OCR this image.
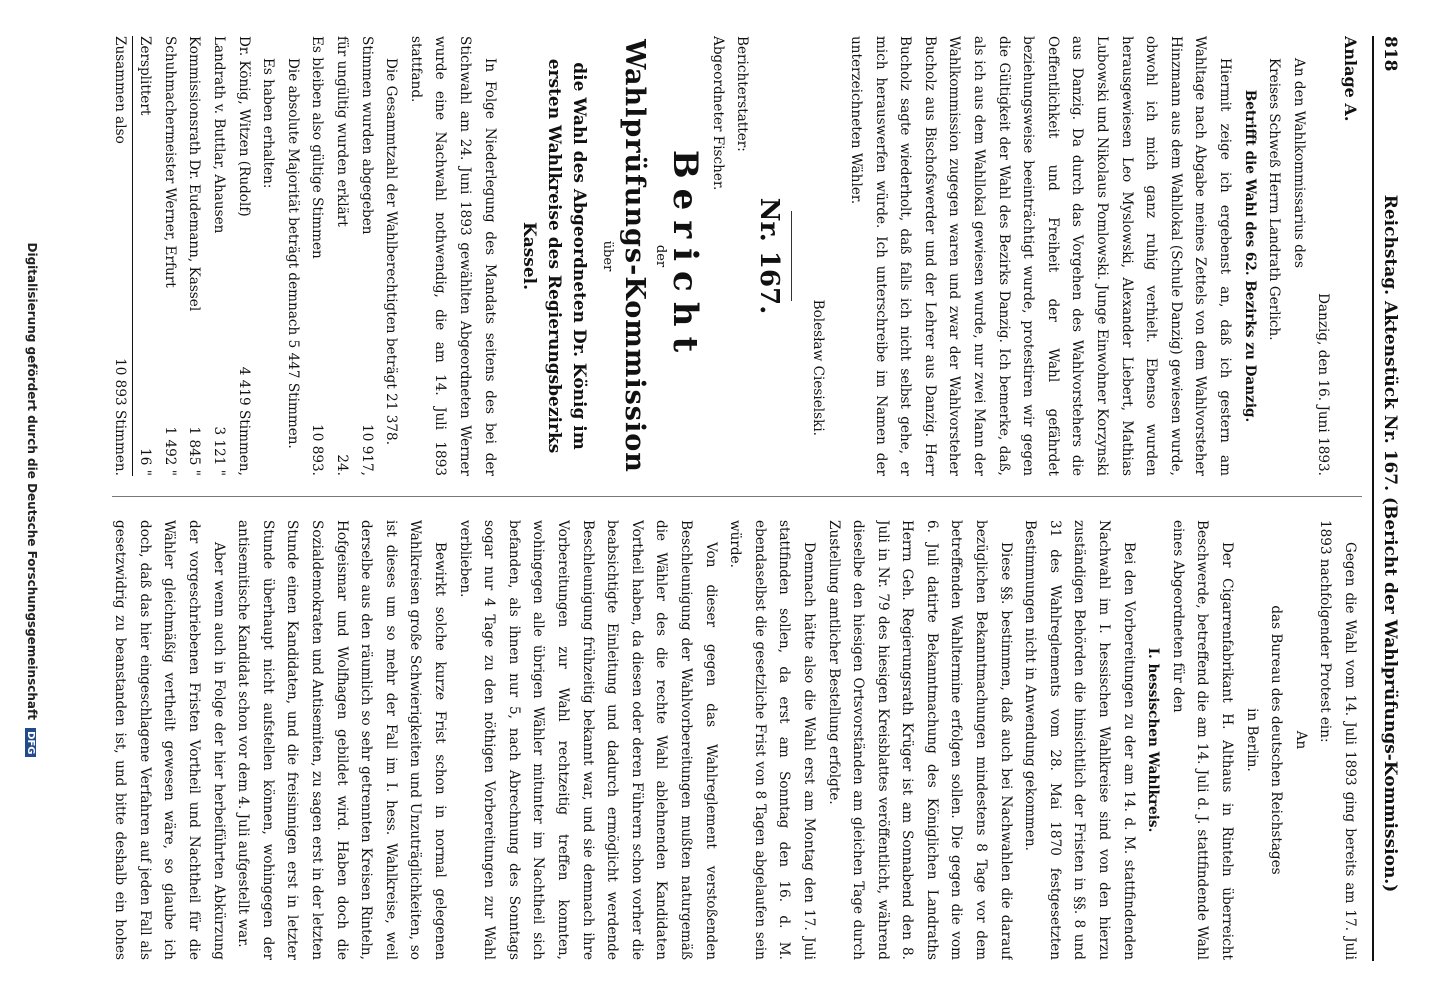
818
Reichstag. Aktenstück Nr. 167. (Bericht der Wahlprüfungs-Kommission.)

Anlage A.

Danzig, den 16. Juni 1893.

An den Wahlkommissarius des

Kreises Schweß Herrn Landrath Gerlich.

Betrifft die Wahl des 62. Bezirks zu Danzig.

Hiermit zeige ich ergebenst an, daß ich gestern am Wahltage nach Abgabe meines Zettels von dem Wahlvorsteher Hinzmann aus dem Wahllokal (Schule Danzig) gewiesen wurde, obwohl ich mich ganz ruhig verhielt. Ebenso wurden herausgewiesen Leo Myslowski, Alexander Liebert, Mathias Lubowski und Nikolaus Pomlowski. Junge Einwohner Korzynski aus Danzig. Da durch das Vorgehen des Wahlvorstehers die Oeffentlichkeit und Freiheit der Wahl gefährdet beziehungsweise beeinträchtigt wurde, protestiren wir gegen die Gültigkeit der Wahl des Bezirks Danzig. Ich bemerke, daß, als ich aus dem Wahllokal gewiesen wurde, nur zwei Mann der Wahlkommission zugegen waren und zwar der Wahlvorsteher Bucholz aus Bischofswerder und der Lehrer aus Danzig. Herr Bucholz sagte wiederholt, daß falls ich nicht selbst gehe, er mich herauswerfen würde. Ich unterschreibe im Namen der unterzeichneten Wähler.

Bolesław Ciesielski.

Nr. 167.

Berichterstatter:

Abgeordneter Fischer.

Bericht

der

Wahlprüfungs-Kommission

über

die Wahl des Abgeordneten Dr. König im ersten Wahlkreise des Regierungsbezirks Kassel.

In Folge Niederlegung des Mandats seitens des bei der Stichwahl am 24. Juni 1893 gewählten Abgeordneten Werner wurde eine Nachwahl nothwendig, die am 14. Juli 1893 stattfand.

Die Gesammtzahl der Wahlberechtigten beträgt 21 378.

Stimmen wurden abgegeben
10 917,
für ungültig wurden erklärt
24.
Es bleiben also gültige Stimmen
10 893.

Die absolute Majorität beträgt demnach 5 447 Stimmen.

Es haben erhalten:

Dr. König, Witzen (Rudolf)
4 419 Stimmen,
Landrath v. Buttlar, Ahausen
3 121 "
Kommissionsrath Dr. Eudemann, Kassel
1 845 "
Schuhmachermeister Werner, Erfurt
1 492 "
Zersplittert
16 "
Zusammen also
10 893 Stimmen.

Gegen die Wahl vom 14. Juli 1893 ging bereits am 17. Juli 1893 nachfolgender Protest ein:

An

das Bureau des deutschen Reichstages

in Berlin.

Der Cigarrenfabrikant H. Althaus in Rinteln überreicht Beschwerde, betreffend die am 14. Juli d. J. stattfindende Wahl eines Abgeordneten für den

I. hessischen Wahlkreis.

Bei den Vorbereitungen zu der am 14. d. M. stattfindenden Nachwahl im I. hessischen Wahlkreise sind von den hierzu zuständigen Behörden die hinsichtlich der Fristen in §§. 8 und 31 des Wahlreglements vom 28. Mai 1870 festgesetzten Bestimmungen nicht in Anwendung gekommen.

Diese §§. bestimmen, daß auch bei Nachwahlen die darauf bezüglichen Bekanntmachungen mindestens 8 Tage vor dem betreffenden Wahltermine erfolgen sollen. Die gegen die vom 6. Juli datirte Bekanntmachung des Königlichen Landraths Herrn Geh. Regierungsrath Krüger ist am Sonnabend den 8. Juli in Nr. 79 des hiesigen Kreisblattes veröffentlicht, während dieselbe den hiesigen Ortsvorständen am gleichen Tage durch Zustellung amtlicher Bestellung erfolgte.

Demnach hätte also die Wahl erst am Montag den 17. Juli stattfinden sollen, da erst am Sonntag den 16. d. M. ebendaselbst die gesetzliche Frist von 8 Tagen abgelaufen sein würde.

Von dieser gegen das Wahlreglement verstoßenden Beschleunigung der Wahlvorbereitungen mußten naturgemäß die Wähler des die rechte Wahl ablehnenden Kandidaten Vortheil haben, da diesen oder deren Führern schon vorher die beabsichtigte Einleitung und dadurch ermöglicht werdende Beschleunigung frühzeitig bekannt war, und sie demnach ihre Vorbereitungen zur Wahl rechtzeitig treffen konnten, wohingegen alle übrigen Wähler mitunter im Nachtheil sich befanden, als ihnen nur 5, nach Abrechnung des Sonntags sogar nur 4 Tage zu den nöthigen Vorbereitungen zur Wahl verblieben.

Bewirkt solche kurze Frist schon in normal gelegenen Wahlkreisen große Schwierigkeiten und Unzuträglichkeiten, so ist dieses um so mehr der Fall im I. hess. Wahlkreise, weil derselbe aus den räumlich so sehr getrennten Kreisen Rinteln, Hofgeismar und Wolfhagen gebildet wird. Haben doch die Sozialdemokraten und Antisemiten, zu sagen erst in der letzten Stunde einen Kandidaten, und die freisinnigen erst in letzter Stunde überhaupt nicht aufstellen können, wohingegen der antisemitische Kandidat schon vor dem 4. Juli aufgestellt war.

Aber wenn auch in Folge der hier herbeiführten Abkürzung der vorgeschriebenen Fristen Vortheil und Nachtheil für die Wähler gleichmäßig vertheilt gewesen wäre, so glaube ich doch, daß das hier eingeschlagene Verfahren auf jeden Fall als gesetzwidrig zu beanstanden ist, und bitte deshalb ein hohes

Digitalisierung gefördert durch die Deutsche Forschungsgemeinschaft DFG
